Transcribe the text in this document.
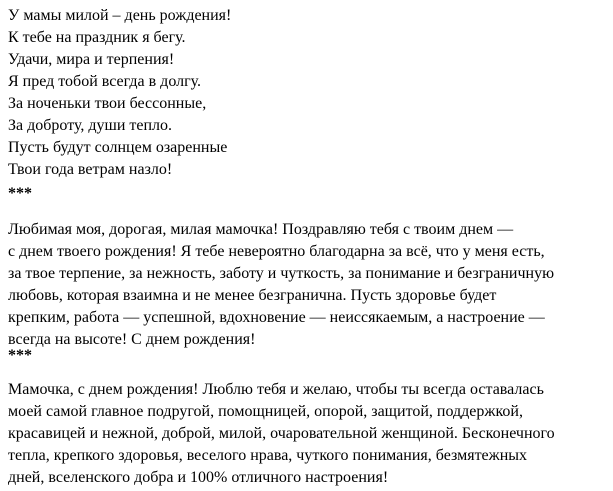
У мамы милой – день рождения!
К тебе на праздник я бегу.
Удачи, мира и терпения!
Я пред тобой всегда в долгу.
За ноченьки твои бессонные,
За доброту, души тепло.
Пусть будут солнцем озаренные
Твои года ветрам назло!
***
Любимая моя, дорогая, милая мамочка! Поздравляю тебя с твоим днем —
с днем твоего рождения! Я тебе невероятно благодарна за всё, что у меня есть,
за твое терпение, за нежность, заботу и чуткость, за понимание и безграничную
любовь, которая взаимна и не менее безгранична. Пусть здоровье будет
крепким, работа — успешной, вдохновение — неиссякаемым, а настроение —
всегда на высоте! С днем рождения!
***
Мамочка, с днем рождения! Люблю тебя и желаю, чтобы ты всегда оставалась
моей самой главное подругой, помощницей, опорой, защитой, поддержкой,
красавицей и нежной, доброй, милой, очаровательной женщиной. Бесконечного
тепла, крепкого здоровья, веселого нрава, чуткого понимания, безмятежных
дней, вселенского добра и 100% отличного настроения!
